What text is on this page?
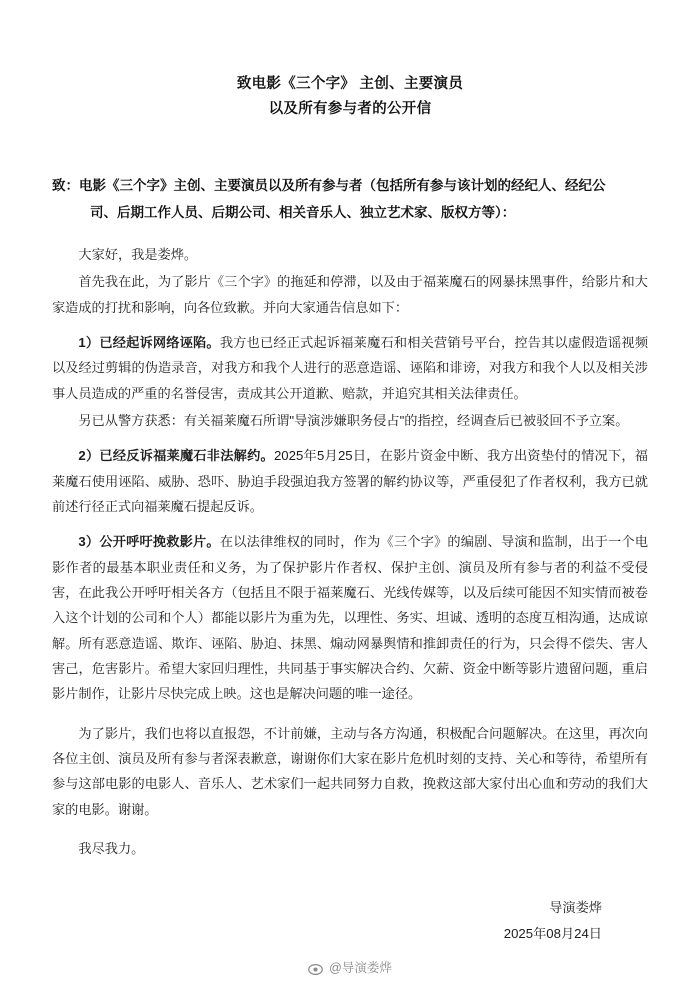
致电影《三个字》 主创、主要演员
以及所有参与者的公开信
致：电影《三个字》主创、主要演员以及所有参与者（包括所有参与该计划的经纪人、经纪公
司、后期工作人员、后期公司、相关音乐人、独立艺术家、版权方等）：

大家好，我是娄烨。

首先我在此，为了影片《三个字》的拖延和停滞，以及由于福莱魔石的网暴抹黑事件，给影片和大家造成的打扰和影响，向各位致歉。并向大家通告信息如下：

1）已经起诉网络诬陷。我方也已经正式起诉福莱魔石和相关营销号平台，控告其以虚假造谣视频以及经过剪辑的伪造录音，对我方和我个人进行的恶意造谣、诬陷和诽谤，对我方和我个人以及相关涉事人员造成的严重的名誉侵害，责成其公开道歉、赔款，并追究其相关法律责任。

另已从警方获悉：有关福莱魔石所谓"导演涉嫌职务侵占"的指控，经调查后已被驳回不予立案。

2）已经反诉福莱魔石非法解约。2025年5月25日，在影片资金中断、我方出资垫付的情况下，福莱魔石使用诬陷、威胁、恐吓、胁迫手段强迫我方签署的解约协议等，严重侵犯了作者权利，我方已就前述行径正式向福莱魔石提起反诉。

3）公开呼吁挽救影片。在以法律维权的同时，作为《三个字》的编剧、导演和监制，出于一个电影作者的最基本职业责任和义务，为了保护影片作者权、保护主创、演员及所有参与者的利益不受侵害，在此我公开呼吁相关各方（包括且不限于福莱魔石、光线传媒等，以及后续可能因不知实情而被卷入这个计划的公司和个人）都能以影片为重为先，以理性、务实、坦诚、透明的态度互相沟通，达成谅解。所有恶意造谣、欺诈、诬陷、胁迫、抹黑、煽动网暴舆情和推卸责任的行为，只会得不偿失、害人害己，危害影片。希望大家回归理性，共同基于事实解决合约、欠薪、资金中断等影片遗留问题，重启影片制作，让影片尽快完成上映。这也是解决问题的唯一途径。

为了影片，我们也将以直报怨，不计前嫌，主动与各方沟通，积极配合问题解决。在这里，再次向各位主创、演员及所有参与者深表歉意，谢谢你们大家在影片危机时刻的支持、关心和等待，希望所有参与这部电影的电影人、音乐人、艺术家们一起共同努力自救，挽救这部大家付出心血和劳动的我们大家的电影。谢谢。

我尽我力。

导演娄烨
2025年08月24日
@导演娄烨
